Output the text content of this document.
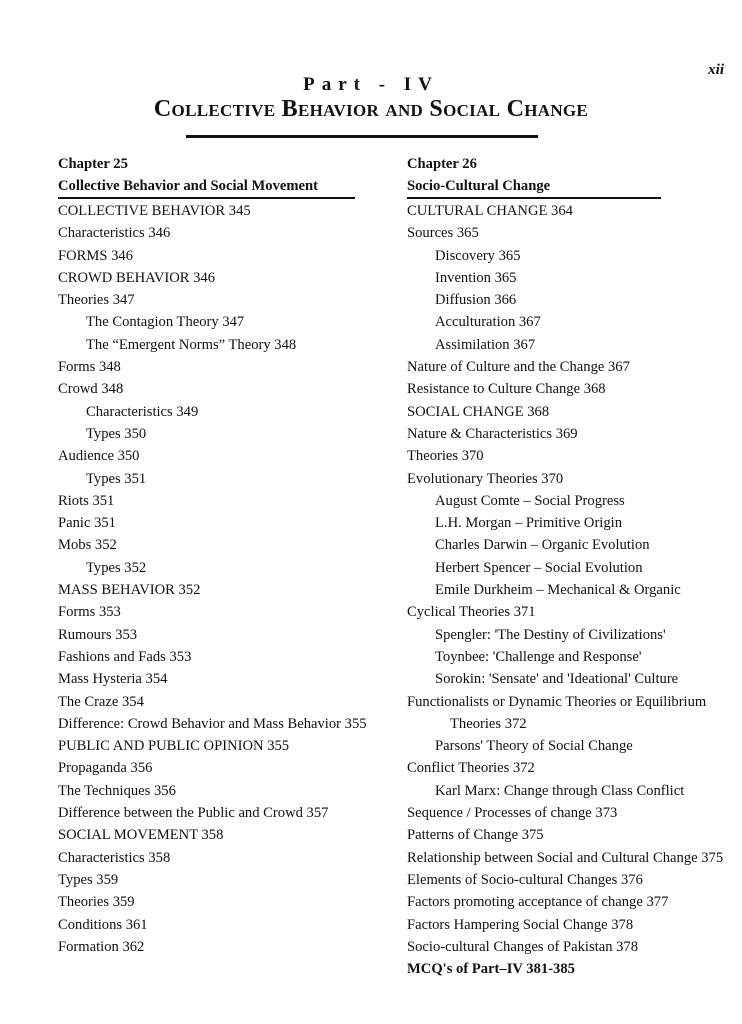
xii
Part - IV
Collective Behavior and Social Change
Chapter 25
Collective Behavior and Social Movement
COLLECTIVE BEHAVIOR 345
Characteristics 346
FORMS 346
CROWD BEHAVIOR 346
Theories 347
The Contagion Theory 347
The “Emergent Norms” Theory 348
Forms 348
Crowd 348
Characteristics 349
Types 350
Audience 350
Types 351
Riots 351
Panic 351
Mobs 352
Types 352
MASS BEHAVIOR 352
Forms 353
Rumours 353
Fashions and Fads 353
Mass Hysteria 354
The Craze 354
Difference: Crowd Behavior and Mass Behavior 355
PUBLIC AND PUBLIC OPINION 355
Propaganda 356
The Techniques 356
Difference between the Public and Crowd 357
SOCIAL MOVEMENT 358
Characteristics 358
Types 359
Theories 359
Conditions 361
Formation 362
Chapter 26
Socio-Cultural Change
CULTURAL CHANGE 364
Sources 365
Discovery 365
Invention 365
Diffusion 366
Acculturation 367
Assimilation 367
Nature of Culture and the Change 367
Resistance to Culture Change 368
SOCIAL CHANGE 368
Nature & Characteristics 369
Theories 370
Evolutionary Theories 370
August Comte – Social Progress
L.H. Morgan – Primitive Origin
Charles Darwin – Organic Evolution
Herbert Spencer – Social Evolution
Emile Durkheim – Mechanical & Organic
Cyclical Theories 371
Spengler: 'The Destiny of Civilizations'
Toynbee: 'Challenge and Response'
Sorokin: 'Sensate' and 'Ideational' Culture
Functionalists or Dynamic Theories or Equilibrium Theories 372
Parsons' Theory of Social Change
Conflict Theories 372
Karl Marx: Change through Class Conflict
Sequence / Processes of change 373
Patterns of Change 375
Relationship between Social and Cultural Change 375
Elements of Socio-cultural Changes 376
Factors promoting acceptance of change 377
Factors Hampering Social Change 378
Socio-cultural Changes of Pakistan 378
MCQ's of Part–IV 381-385
